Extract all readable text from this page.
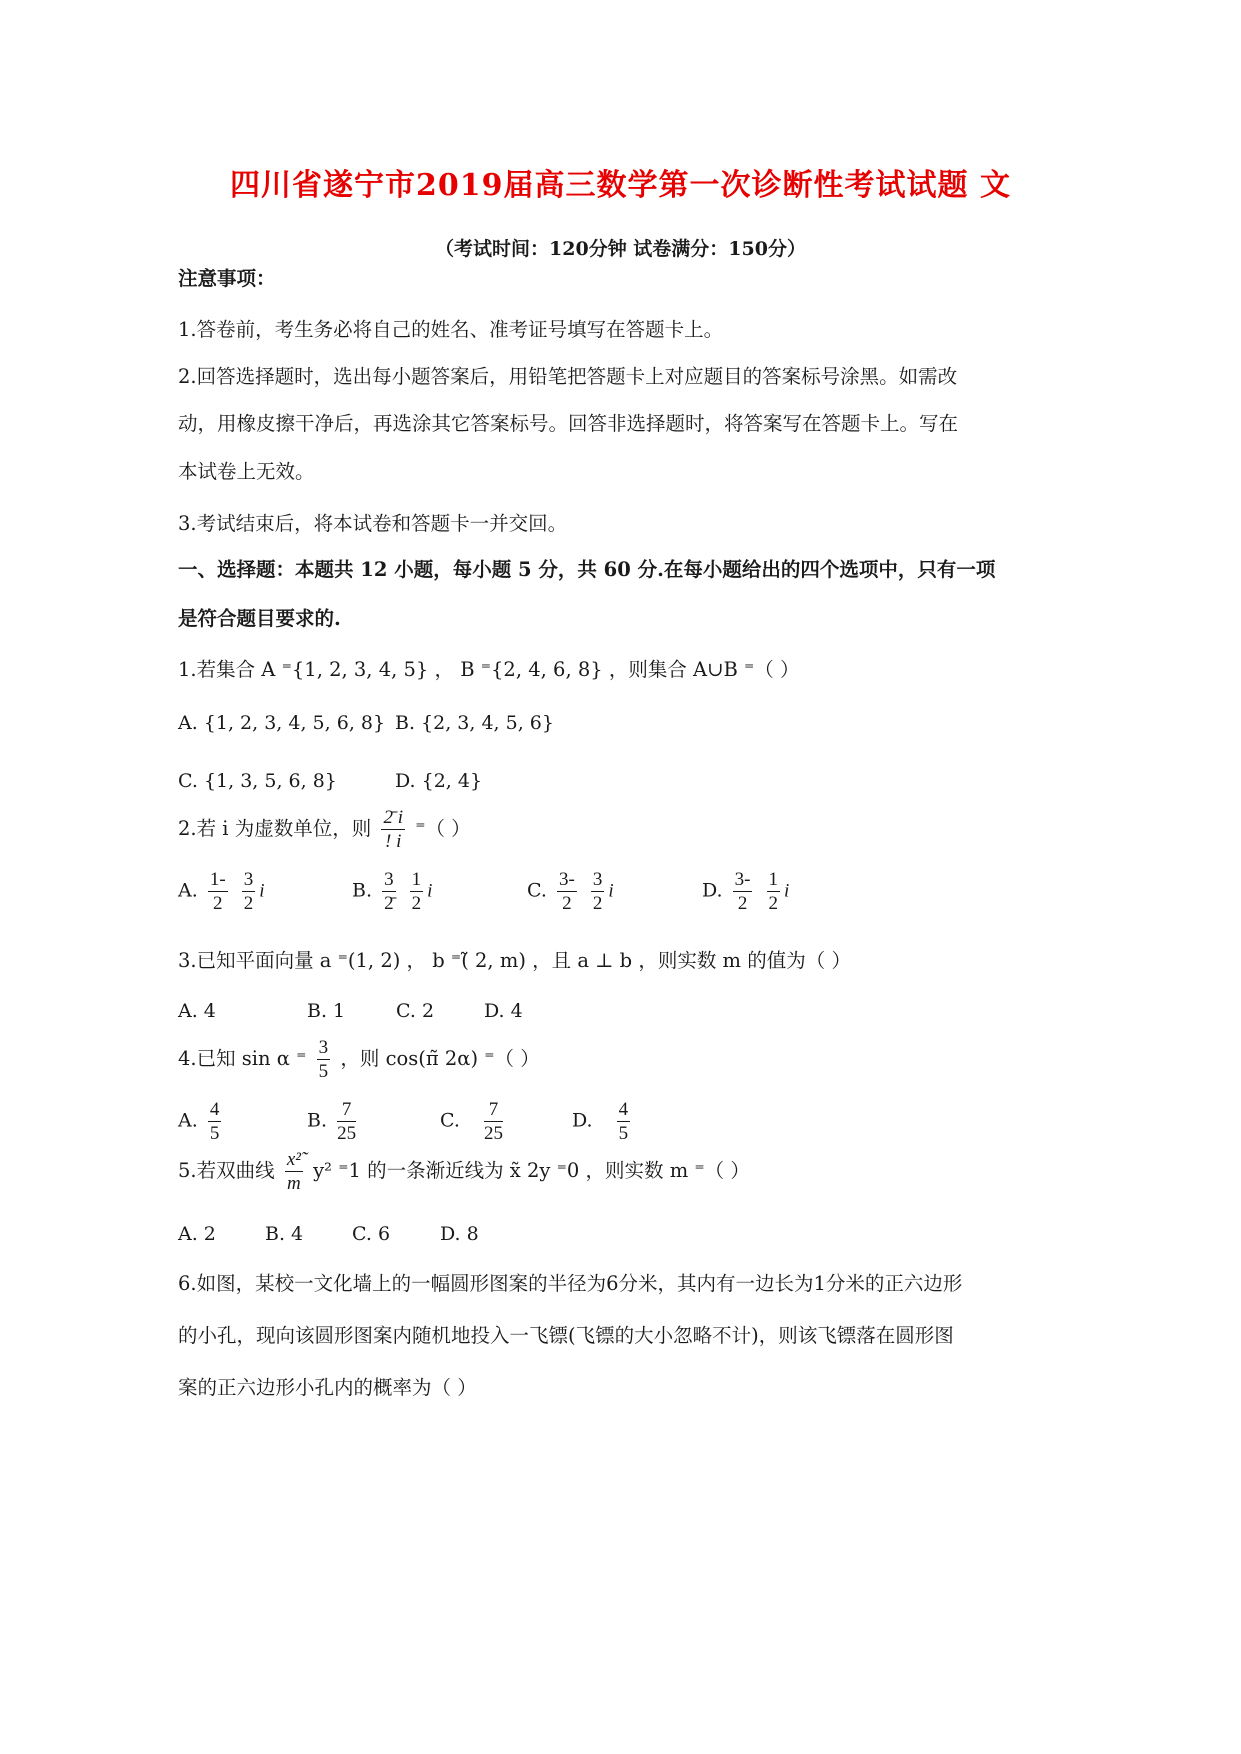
四川省遂宁市2019届高三数学第一次诊断性考试试题 文
（考试时间：120分钟 试卷满分：150分）
注意事项：
1.答卷前，考生务必将自己的姓名、准考证号填写在答题卡上。
2.回答选择题时，选出每小题答案后，用铅笔把答题卡上对应题目的答案标号涂黑。如需改
动，用橡皮擦干净后，再选涂其它答案标号。回答非选择题时，将答案写在答题卡上。写在
本试卷上无效。
3.考试结束后，将本试卷和答题卡一并交回。
一、选择题：本题共 12 小题，每小题 5 分，共 60 分.在每小题给出的四个选项中，只有一项
是符合题目要求的.
1.若集合 A ⁼{1, 2, 3, 4, 5} ， B ⁼{2, 4, 6, 8} ，则集合 A∪B ⁼（ ）
A. {1, 2, 3, 4, 5, 6, 8} B. {2, 3, 4, 5, 6}
C. {1, 3, 5, 6, 8}	D. {2, 4}
2.若 i 为虚数单位，则 $\frac{2̄ i}{! i}$ ⁼（ ）
A. $\frac{1-}{2}$
$\frac{3}{2}$ i	B. $\frac{3}{2̄}$
$\frac{1}{2}$ i	C. $\frac{3-}{2}$
$\frac{3}{2}$ i	D. $\frac{3-}{2}$
$\frac{1}{2}$ i
3.已知平面向量 a ⁼(1, 2) ， b ⁼(̃ 2, m) ，且 a ⊥ b ，则实数 m 的值为（ ）
A. 4	B. 1	C. 2	D. 4
4.已知 sin α ⁼ $\frac{3}{5}$ ，则 cos(π̃ 2α) ⁼（ ）
A. $\frac{4}{5}$	B. $\frac{7}{25}$	C. $\frac{7}{25}$	D. $\frac{4}{5}$
5.若双曲线 $\frac{\text{x²̃}}{m} y^2$ ⁼1 的一条渐近线为 x̃ 2y ⁼0 ，则实数 m ⁼（ ）
A. 2	B. 4	C. 6	D. 8
6.如图，某校一文化墙上的一幅圆形图案的半径为6分米，其内有一边长为1分米的正六边形
的小孔，现向该圆形图案内随机地投入一飞镖(飞镖的大小忽略不计)，则该飞镖落在圆形图
案的正六边形小孔内的概率为（ ）
